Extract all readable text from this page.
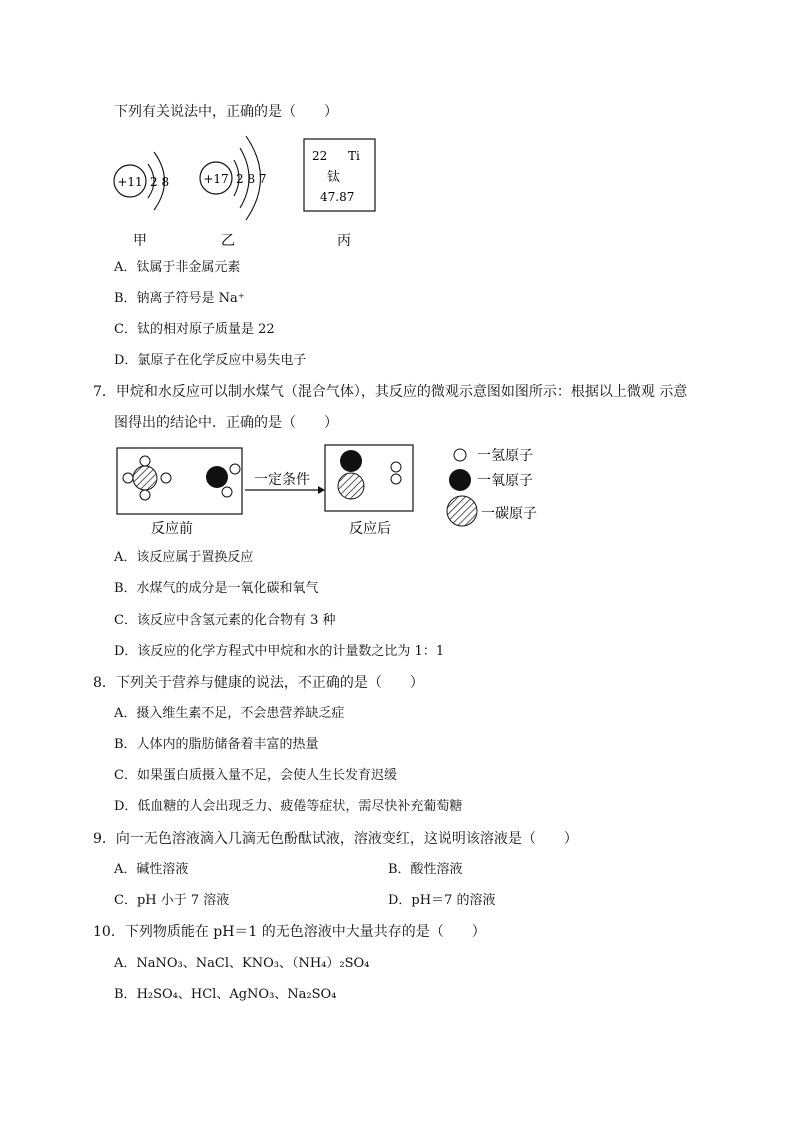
下列有关说法中，正确的是（　　）
+11 2 8	+17 2 8 7
22 Ti
钛
47.87
甲	乙	丙
一定条件
反应前	反应后
一氢原子
一氧原子
一碳原子
A．钛属于非金属元素
B．钠离子符号是 Na⁺
C．钛的相对原子质量是 22
D．氯原子在化学反应中易失电子
7．甲烷和水反应可以制水煤气（混合气体），其反应的微观示意图如图所示：根据以上微观 示意
图得出的结论中．正确的是（　　）
A．该反应属于置换反应
B．水煤气的成分是一氧化碳和氧气
C．该反应中含氢元素的化合物有 3 种
D．该反应的化学方程式中甲烷和水的计量数之比为 1：1
8．下列关于营养与健康的说法，不正确的是（　　）
A．摄入维生素不足，不会患营养缺乏症
B．人体内的脂肪储备着丰富的热量
C．如果蛋白质摄入量不足，会使人生长发育迟缓
D．低血糖的人会出现乏力、疲倦等症状，需尽快补充葡萄糖
9．向一无色溶液滴入几滴无色酚酞试液，溶液变红，这说明该溶液是（　　）
A．碱性溶液	B．酸性溶液
C．pH 小于 7 溶液	D．pH＝7 的溶液
10．下列物质能在 pH＝1 的无色溶液中大量共存的是（　　）
A．NaNO₃、NaCl、KNO₃、（NH₄）₂SO₄
B．H₂SO₄、HCl、AgNO₃、Na₂SO₄
